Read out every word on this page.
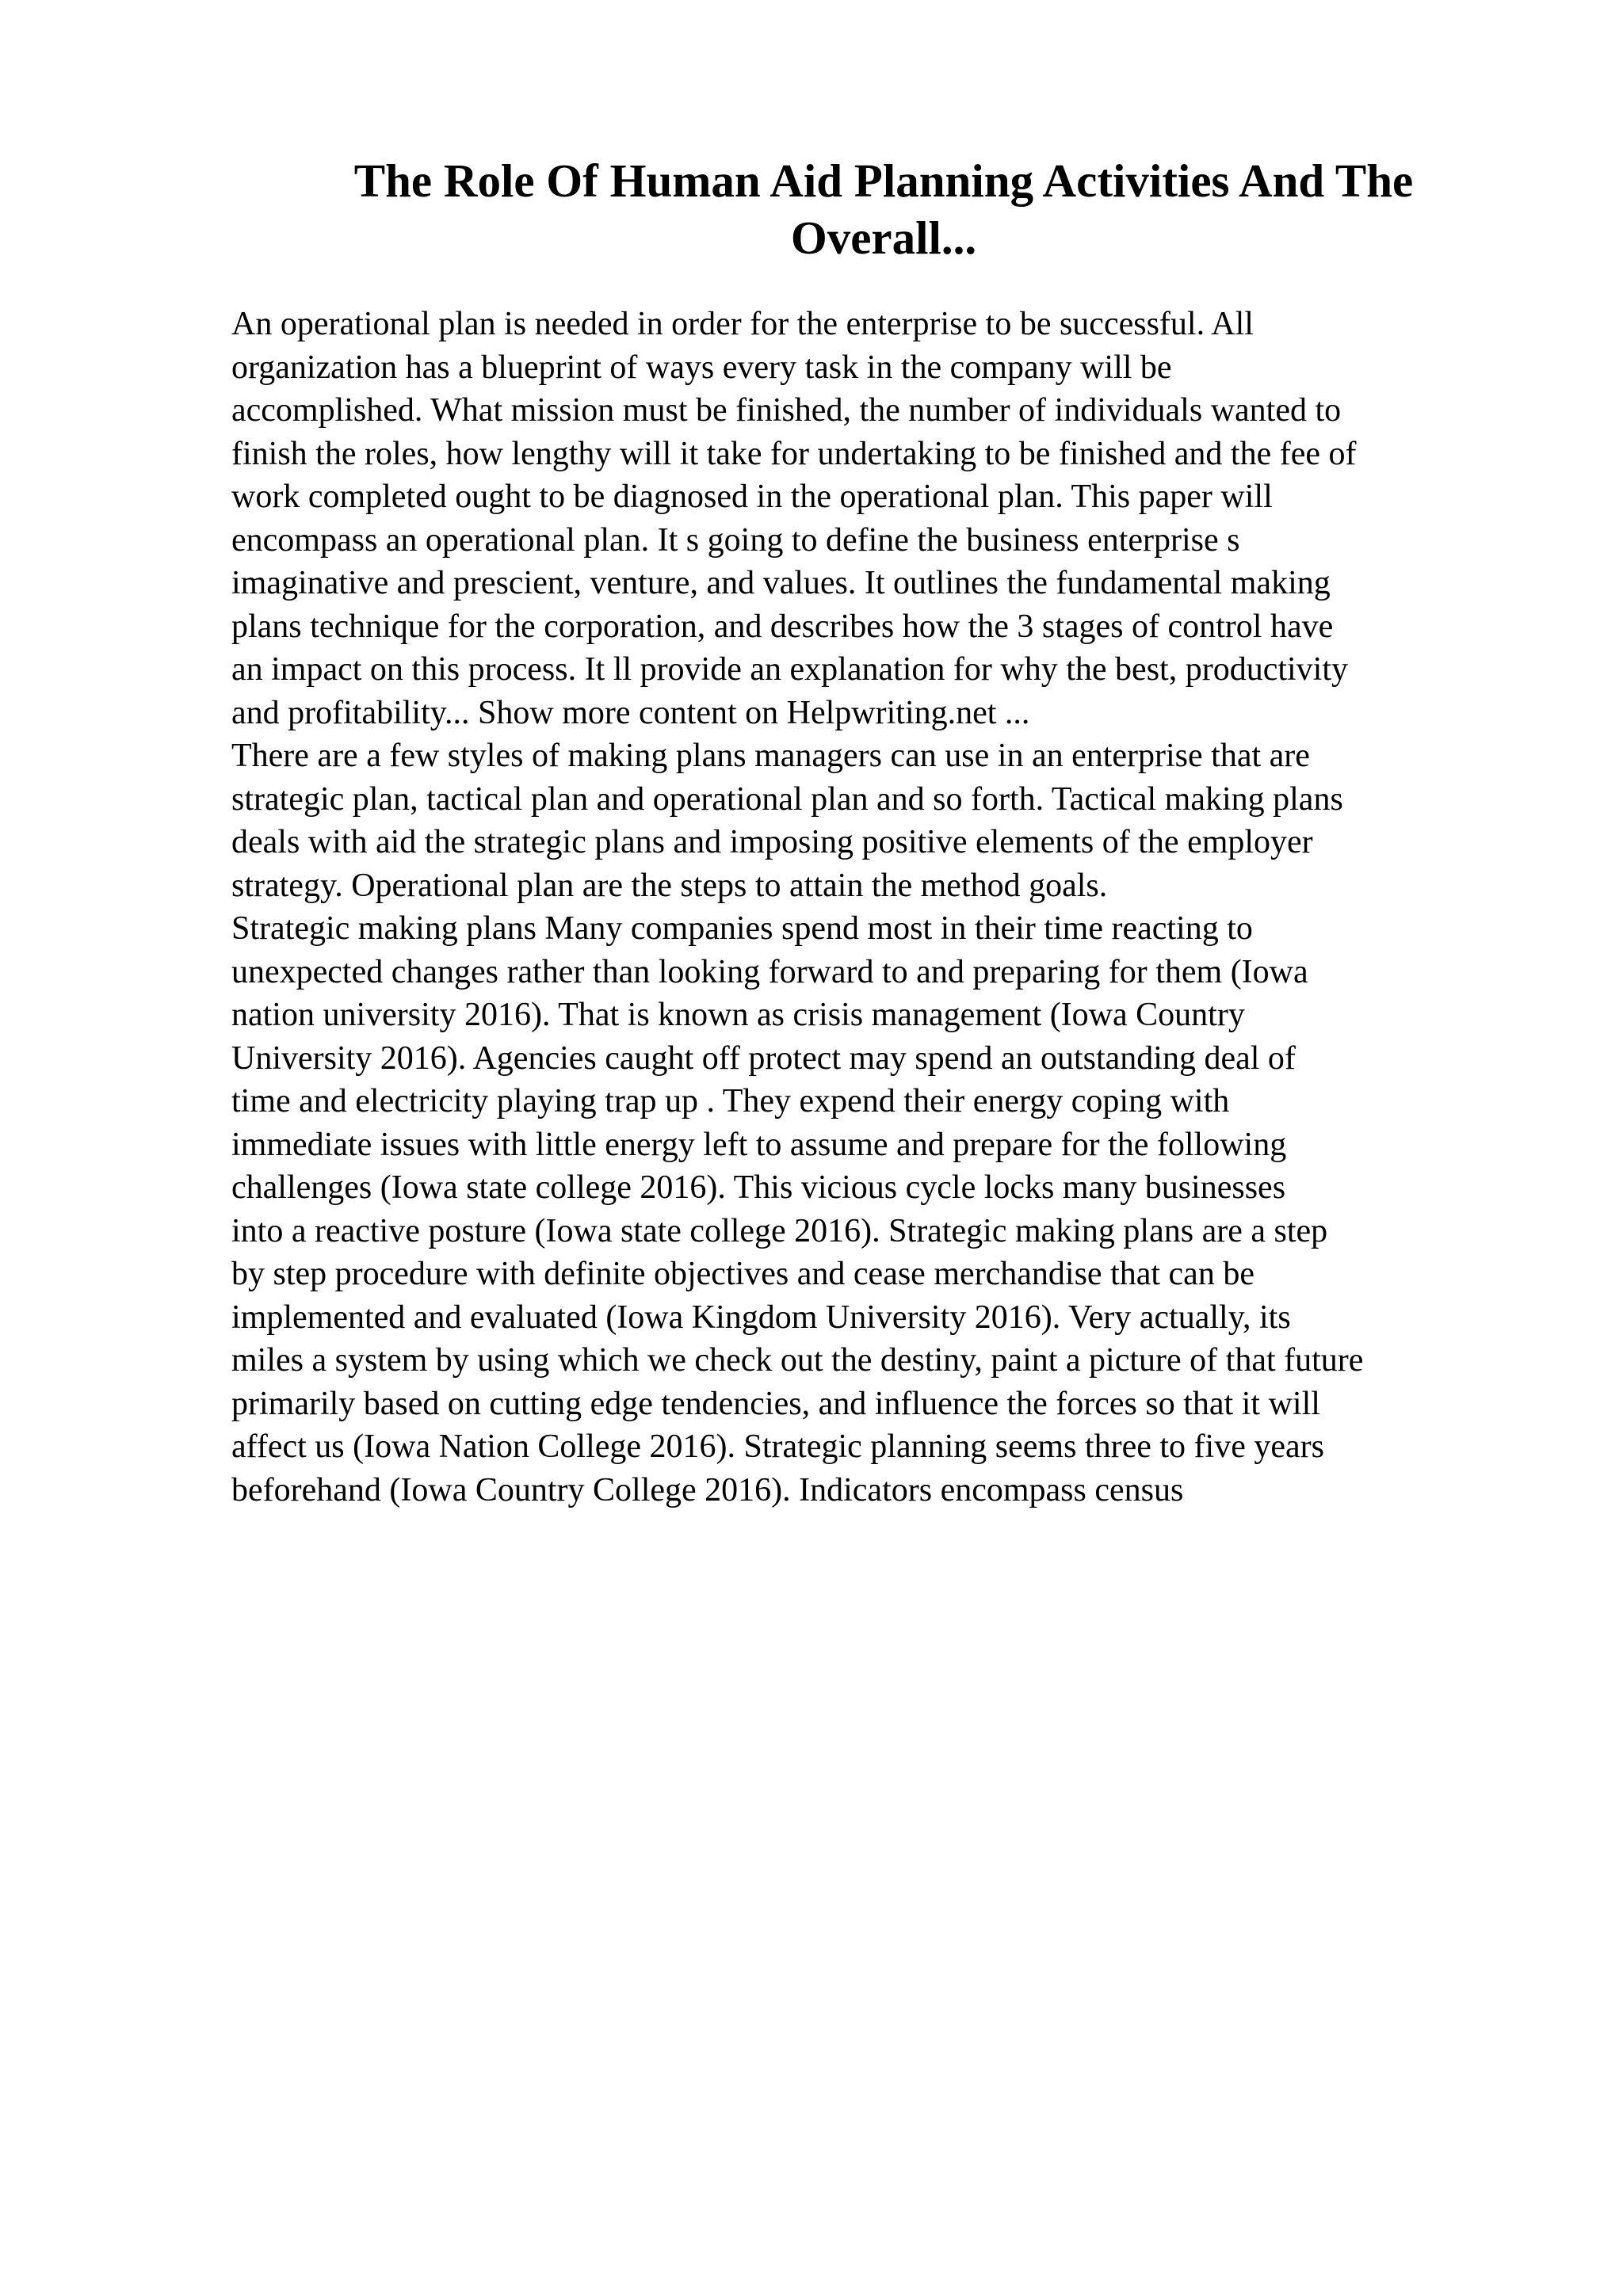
The Role Of Human Aid Planning Activities And The Overall...

An operational plan is needed in order for the enterprise to be successful. All
organization has a blueprint of ways every task in the company will be
accomplished. What mission must be finished, the number of individuals wanted to
finish the roles, how lengthy will it take for undertaking to be finished and the fee of
work completed ought to be diagnosed in the operational plan. This paper will
encompass an operational plan. It s going to define the business enterprise s
imaginative and prescient, venture, and values. It outlines the fundamental making
plans technique for the corporation, and describes how the 3 stages of control have
an impact on this process. It ll provide an explanation for why the best, productivity
and profitability... Show more content on Helpwriting.net ...

There are a few styles of making plans managers can use in an enterprise that are
strategic plan, tactical plan and operational plan and so forth. Tactical making plans
deals with aid the strategic plans and imposing positive elements of the employer
strategy. Operational plan are the steps to attain the method goals.

Strategic making plans Many companies spend most in their time reacting to
unexpected changes rather than looking forward to and preparing for them (Iowa
nation university 2016). That is known as crisis management (Iowa Country
University 2016). Agencies caught off protect may spend an outstanding deal of
time and electricity playing trap up . They expend their energy coping with
immediate issues with little energy left to assume and prepare for the following
challenges (Iowa state college 2016). This vicious cycle locks many businesses
into a reactive posture (Iowa state college 2016). Strategic making plans are a step
by step procedure with definite objectives and cease merchandise that can be
implemented and evaluated (Iowa Kingdom University 2016). Very actually, its
miles a system by using which we check out the destiny, paint a picture of that future
primarily based on cutting edge tendencies, and influence the forces so that it will
affect us (Iowa Nation College 2016). Strategic planning seems three to five years
beforehand (Iowa Country College 2016). Indicators encompass census
